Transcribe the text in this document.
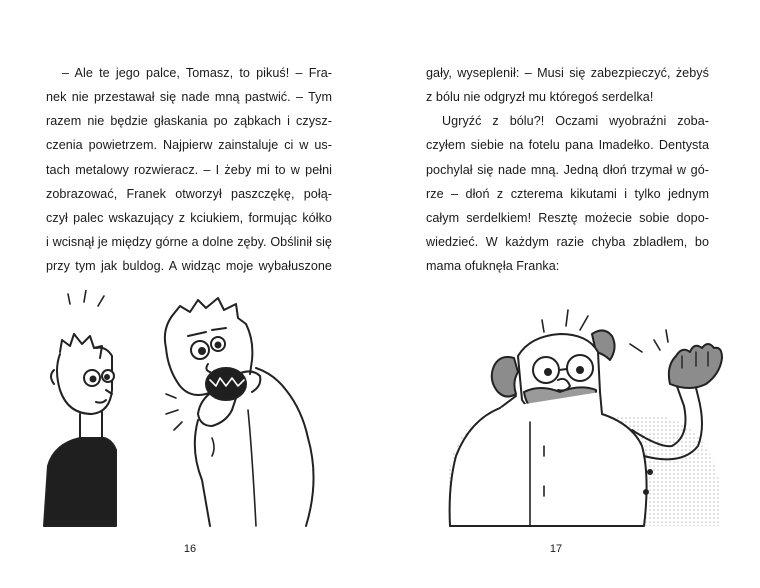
– Ale te jego palce, Tomasz, to pikuś! – Fra-
nek nie przestawał się nade mną pastwić. – Tym
razem nie będzie głaskania po ząbkach i czysz-
czenia powietrzem. Najpierw zainstaluje ci w us-
tach metalowy rozwieracz. – I żeby mi to w pełni
zobrazować, Franek otworzył paszczękę, połą-
czył palec wskazujący z kciukiem, formując kółko
i wcisnął je między górne a dolne zęby. Obślinił się
przy tym jak buldog. A widząc moje wybałuszone
16
gały, wyseplenił: – Musi się zabezpieczyć, żebyś
z bólu nie odgryzł mu któregoś serdelka!
Ugryźć z bólu?! Oczami wyobraźni zoba-
czyłem siebie na fotelu pana Imadełko. Dentysta
pochylał się nade mną. Jedną dłoń trzymał w gó-
rze – dłoń z czterema kikutami i tylko jednym
całym serdelkiem! Resztę możecie sobie dopo-
wiedzieć. W każdym razie chyba zbladłem, bo
mama ofuknęła Franka:
17
